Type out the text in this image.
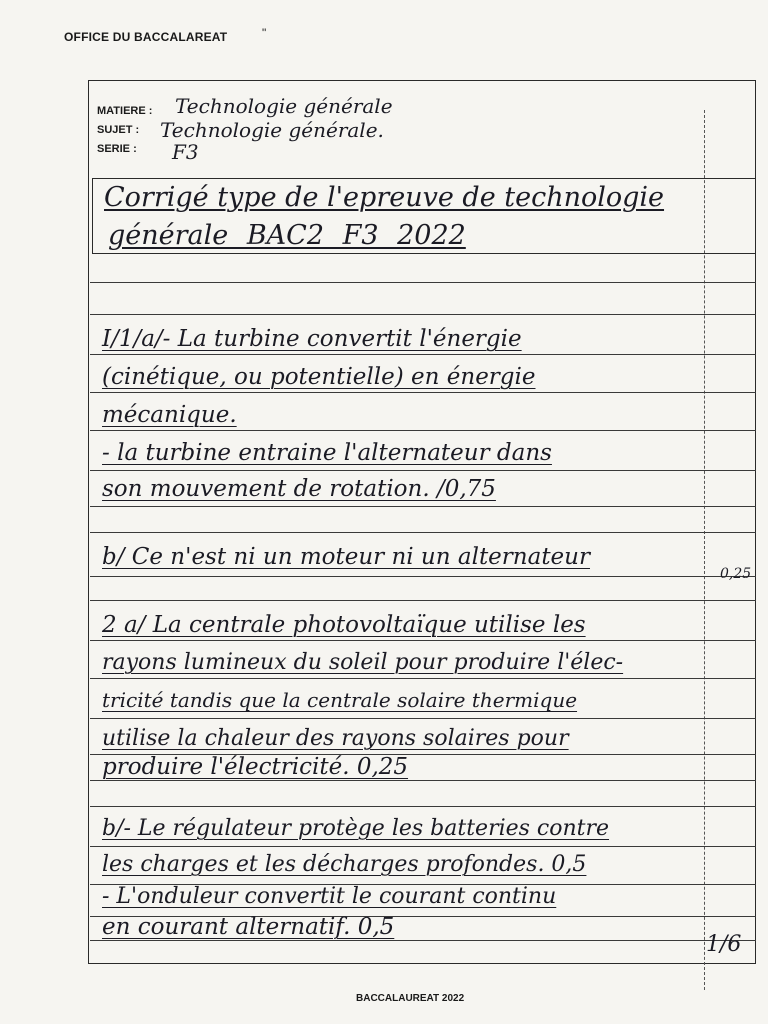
OFFICE DU BACCALAREAT	"
MATIERE : Technologie générale
SUJET : Technologie générale.
SERIE : F3
Corrigé type de l'epreuve de technologie
générale BAC2 F3 2022
I/1/a/- La turbine convertit l'énergie
(cinétique, ou potentielle) en énergie
mécanique.
- la turbine entraine l'alternateur dans
son mouvement de rotation. /0,75
b/ Ce n'est ni un moteur ni un alternateur
0,25
2 a/ La centrale photovoltaïque utilise les
rayons lumineux du soleil pour produire l'élec-
tricité tandis que la centrale solaire thermique
utilise la chaleur des rayons solaires pour
produire l'électricité. 0,25
b/- Le régulateur protège les batteries contre
les charges et les décharges profondes. 0,5
- L'onduleur convertit le courant continu
en courant alternatif. 0,5
1/6
BACCALAUREAT 2022
